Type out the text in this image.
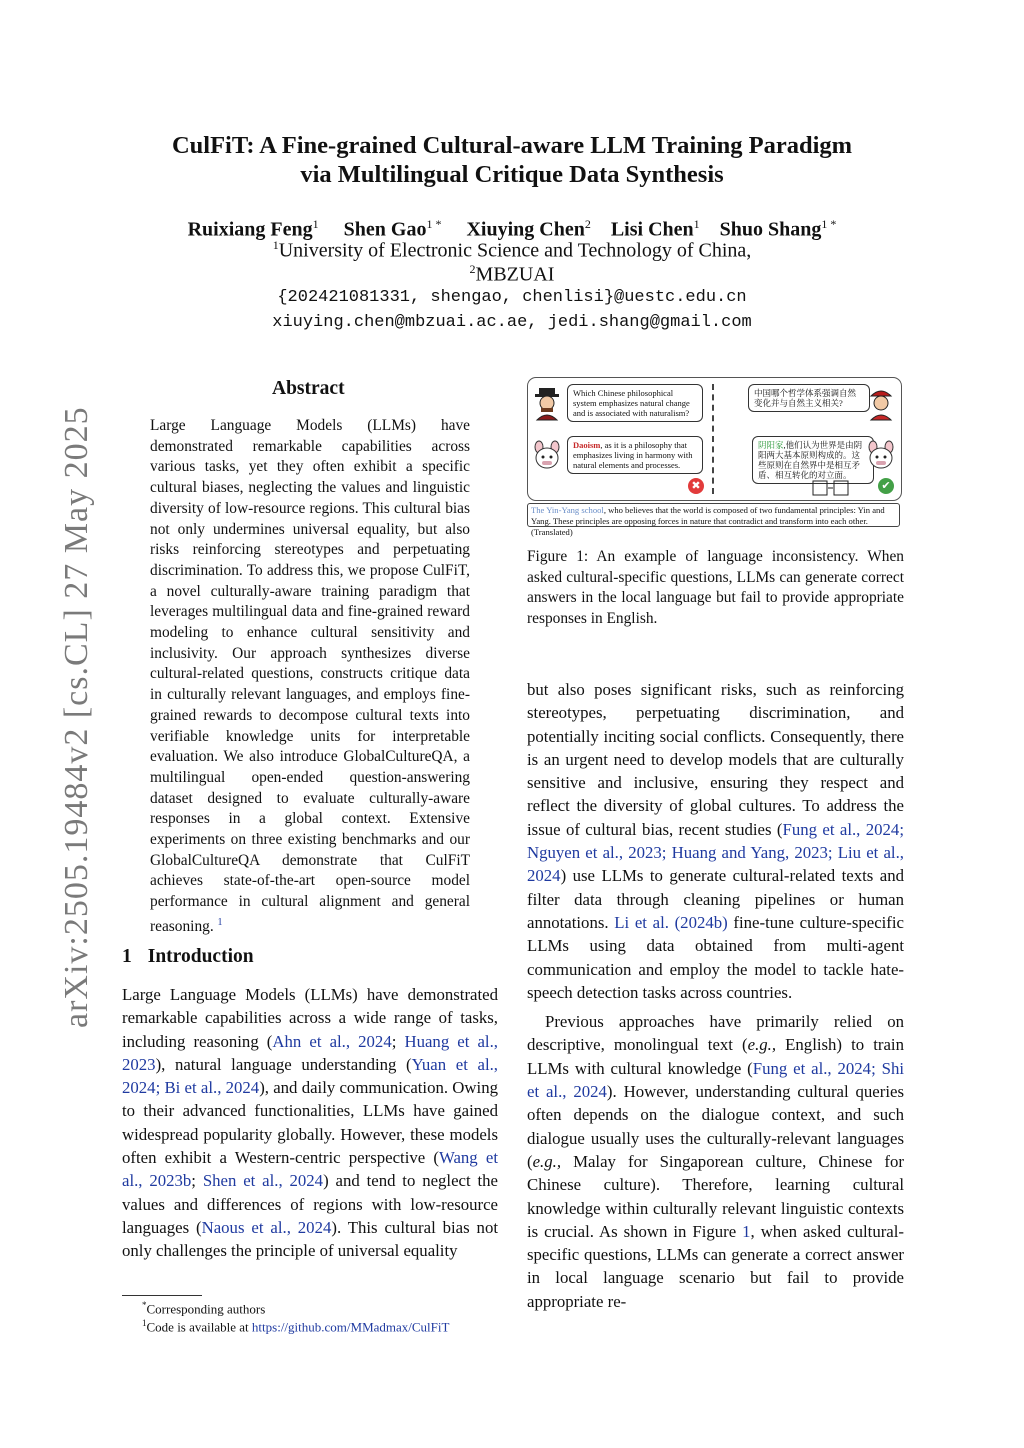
arXiv:2505.19484v2 [cs.CL] 27 May 2025
CulFiT: A Fine-grained Cultural-aware LLM Training Paradigm
via Multilingual Critique Data Synthesis
Ruixiang Feng$^1$ Shen Gao$^{1 *}$ Xiuying Chen$^2$ Lisi Chen$^1$ Shuo Shang$^{1 *}$
$^1$University of Electronic Science and Technology of China,
$^2$MBZUAI
{202421081331, shengao, chenlisi}@uestc.edu.cn
xiuying.chen@mbzuai.ac.ae, jedi.shang@gmail.com
Abstract
Large Language Models (LLMs) have demonstrated remarkable capabilities across various tasks, yet they often exhibit a specific cultural biases, neglecting the values and linguistic diversity of low-resource regions. This cultural bias not only undermines universal equality, but also risks reinforcing stereotypes and perpetuating discrimination. To address this, we propose CulFiT, a novel culturally-aware training paradigm that leverages multilingual data and fine-grained reward modeling to enhance cultural sensitivity and inclusivity. Our approach synthesizes diverse cultural-related questions, constructs critique data in culturally relevant languages, and employs fine-grained rewards to decompose cultural texts into verifiable knowledge units for interpretable evaluation. We also introduce GlobalCultureQA, a multilingual open-ended question-answering dataset designed to evaluate culturally-aware responses in a global context. Extensive experiments on three existing benchmarks and our GlobalCultureQA demonstrate that CulFiT achieves state-of-the-art open-source model performance in cultural alignment and general reasoning. $^1$
1 Introduction

Large Language Models (LLMs) have demonstrated remarkable capabilities across a wide range of tasks, including reasoning (Ahn et al., 2024; Huang et al., 2023), natural language understanding (Yuan et al., 2024; Bi et al., 2024), and daily communication. Owing to their advanced functionalities, LLMs have gained widespread popularity globally. However, these models often exhibit a Western-centric perspective (Wang et al., 2023b; Shen et al., 2024) and tend to neglect the values and differences of regions with low-resource languages (Naous et al., 2024). This cultural bias not only challenges the principle of universal equality

*Corresponding authors
$^1$Code is available at https://github.com/MMadmax/CulFiT
Which Chinese philosophical system emphasizes natural change and is associated with naturalism?
Daoism, as it is a philosophy that emphasizes living in harmony with natural elements and processes.
✖
中国哪个哲学体系强调自然变化并与自然主义相关?
阴阳家,他们认为世界是由阴阳两大基本原则构成的。这些原则在自然界中是相互矛盾、相互转化的对立面。
✔
The Yin-Yang school, who believes that the world is composed of two fundamental principles: Yin and Yang. These principles are opposing forces in nature that contradict and transform into each other. (Translated)
Figure 1: An example of language inconsistency. When asked cultural-specific questions, LLMs can generate correct answers in the local language but fail to provide appropriate responses in English.

but also poses significant risks, such as reinforcing stereotypes, perpetuating discrimination, and potentially inciting social conflicts. Consequently, there is an urgent need to develop models that are culturally sensitive and inclusive, ensuring they respect and reflect the diversity of global cultures. To address the issue of cultural bias, recent studies (Fung et al., 2024; Nguyen et al., 2023; Huang and Yang, 2023; Liu et al., 2024) use LLMs to generate cultural-related texts and filter data through cleaning pipelines or human annotations. Li et al. (2024b) fine-tune culture-specific LLMs using data obtained from multi-agent communication and employ the model to tackle hate-speech detection tasks across countries.

Previous approaches have primarily relied on descriptive, monolingual text (e.g., English) to train LLMs with cultural knowledge (Fung et al., 2024; Shi et al., 2024). However, understanding cultural queries often depends on the dialogue context, and such dialogue usually uses the culturally-relevant languages (e.g., Malay for Singaporean culture, Chinese for Chinese culture). Therefore, learning cultural knowledge within culturally relevant linguistic contexts is crucial. As shown in Figure 1, when asked cultural-specific questions, LLMs can generate a correct answer in local language scenario but fail to provide appropriate re-
